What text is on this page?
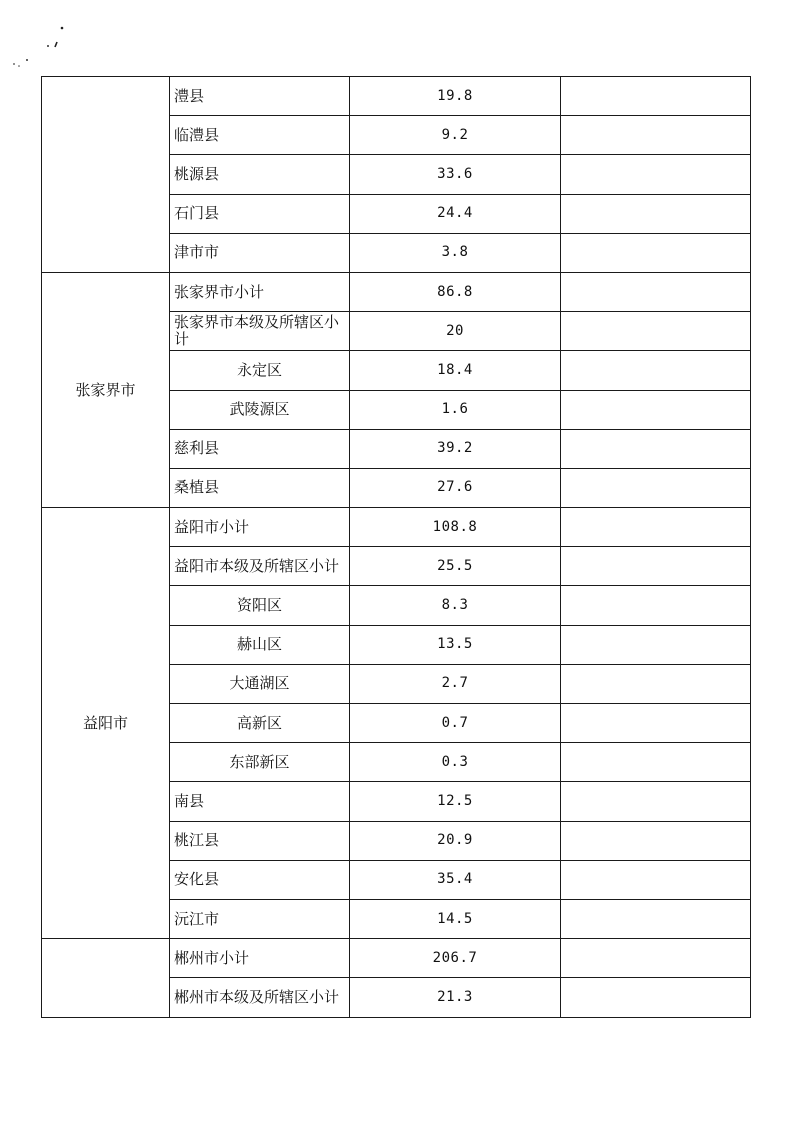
	澧县	19.8	
	临澧县	9.2	
	桃源县	33.6	
	石门县	24.4	
	津市市	3.8	
张家界市	张家界市小计	86.8	
	张家界市本级及所辖区小计	20	
	永定区	18.4	
	武陵源区	1.6	
	慈利县	39.2	
	桑植县	27.6	
益阳市	益阳市小计	108.8	
	益阳市本级及所辖区小计	25.5	
	资阳区	8.3	
	赫山区	13.5	
	大通湖区	2.7	
	高新区	0.7	
	东部新区	0.3	
	南县	12.5	
	桃江县	20.9	
	安化县	35.4	
	沅江市	14.5	
	郴州市小计	206.7	
	郴州市本级及所辖区小计	21.3	
